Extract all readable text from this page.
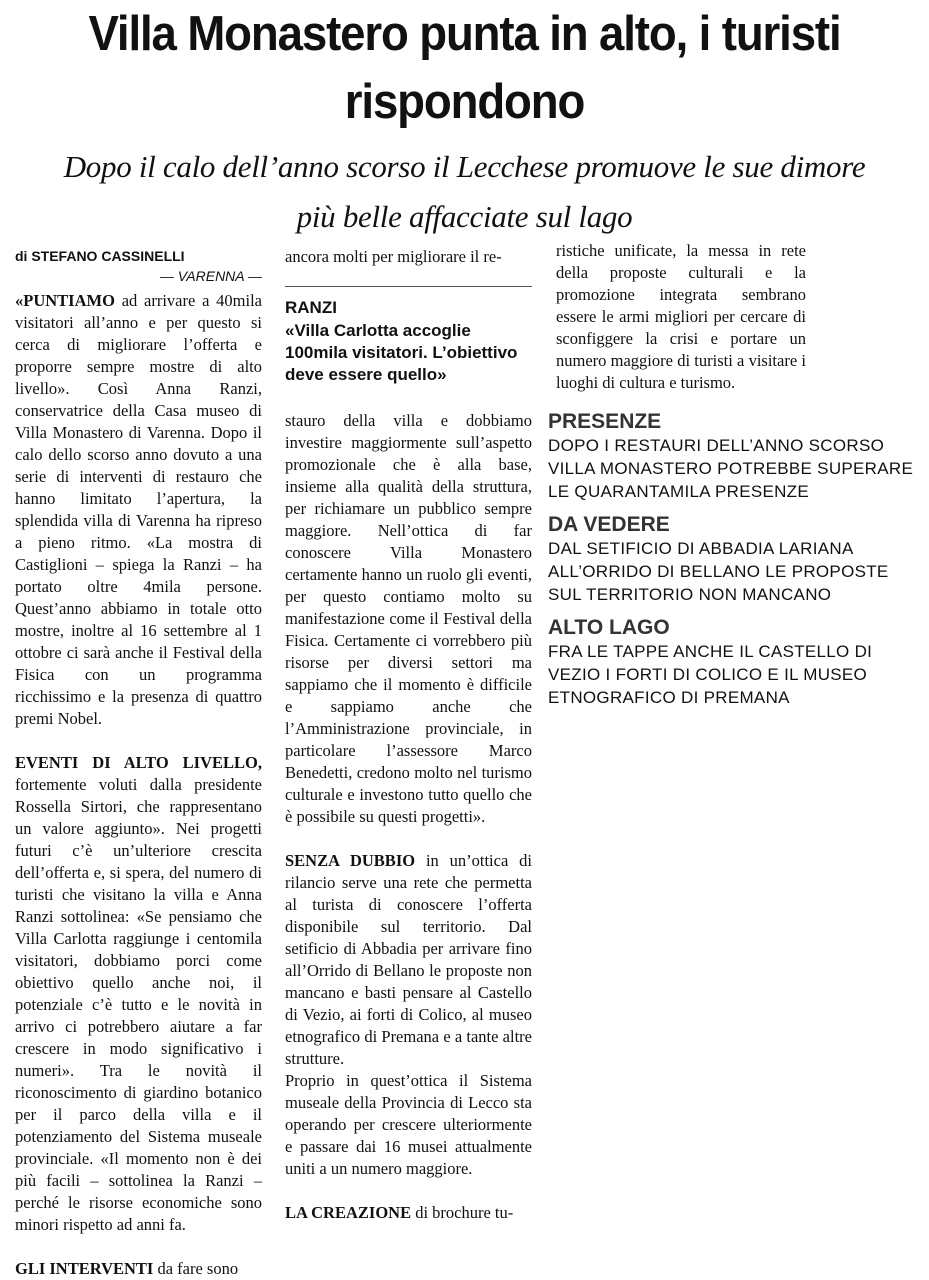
Villa Monastero punta in alto, i turisti
rispondono
Dopo il calo dell’anno scorso il Lecchese promuove le sue dimore
più belle affacciate sul lago
di STEFANO CASSINELLI
— VARENNA —

«PUNTIAMO ad arrivare a 40mila visitatori all’anno e per questo si cerca di migliorare l’offerta e proporre sempre mostre di alto livello». Così Anna Ranzi, conservatrice della Casa museo di Villa Monastero di Varenna. Dopo il calo dello scorso anno dovuto a una serie di interventi di restauro che hanno limitato l’apertura, la splendida villa di Varenna ha ripreso a pieno ritmo. «La mostra di Castiglioni – spiega la Ranzi – ha portato oltre 4mila persone. Quest’anno abbiamo in totale otto mostre, inoltre al 16 settembre al 1 ottobre ci sarà anche il Festival della Fisica con un programma ricchissimo e la presenza di quattro premi Nobel.

EVENTI DI ALTO LIVELLO, fortemente voluti dalla presidente Rossella Sirtori, che rappresentano un valore aggiunto». Nei progetti futuri c’è un’ulteriore crescita dell’offerta e, si spera, del numero di turisti che visitano la villa e Anna Ranzi sottolinea: «Se pensiamo che Villa Carlotta raggiunge i centomila visitatori, dobbiamo porci come obiettivo quello anche noi, il potenziale c’è tutto e le novità in arrivo ci potrebbero aiutare a far crescere in modo significativo i numeri». Tra le novità il riconoscimento di giardino botanico per il parco della villa e il potenziamento del Sistema museale provinciale. «Il momento non è dei più facili – sottolinea la Ranzi – perché le risorse economiche sono minori rispetto ad anni fa.

GLI INTERVENTI da fare sono

ancora molti per migliorare il re-

RANZI
«Villa Carlotta accoglie 100mila visitatori. L’obiettivo deve essere quello»

stauro della villa e dobbiamo investire maggiormente sull’aspetto promozionale che è alla base, insieme alla qualità della struttura, per richiamare un pubblico sempre maggiore. Nell’ottica di far conoscere Villa Monastero certamente hanno un ruolo gli eventi, per questo contiamo molto su manifestazione come il Festival della Fisica. Certamente ci vorrebbero più risorse per diversi settori ma sappiamo che il momento è difficile e sappiamo anche che l’Amministrazione provinciale, in particolare l’assessore Marco Benedetti, credono molto nel turismo culturale e investono tutto quello che è possibile su questi progetti».

SENZA DUBBIO in un’ottica di rilancio serve una rete che permetta al turista di conoscere l’offerta disponibile sul territorio. Dal setificio di Abbadia per arrivare fino all’Orrido di Bellano le proposte non mancano e basti pensare al Castello di Vezio, ai forti di Colico, al museo etnografico di Premana e a tante altre strutture.

Proprio in quest’ottica il Sistema museale della Provincia di Lecco sta operando per crescere ulteriormente e passare dai 16 musei attualmente uniti a un numero maggiore.

LA CREAZIONE di brochure tu-

ristiche unificate, la messa in rete della proposte culturali e la promozione integrata sembrano essere le armi migliori per cercare di sconfiggere la crisi e portare un numero maggiore di turisti a visitare i luoghi di cultura e turismo.

PRESENZE
DOPO I RESTAURI DELL’ANNO SCORSO VILLA MONASTERO POTREBBE SUPERARE LE QUARANTAMILA PRESENZE
DA VEDERE
DAL SETIFICIO DI ABBADIA LARIANA ALL’ORRIDO DI BELLANO LE PROPOSTE SUL TERRITORIO NON MANCANO
ALTO LAGO
FRA LE TAPPE ANCHE IL CASTELLO DI VEZIO I FORTI DI COLICO E IL MUSEO ETNOGRAFICO DI PREMANA
